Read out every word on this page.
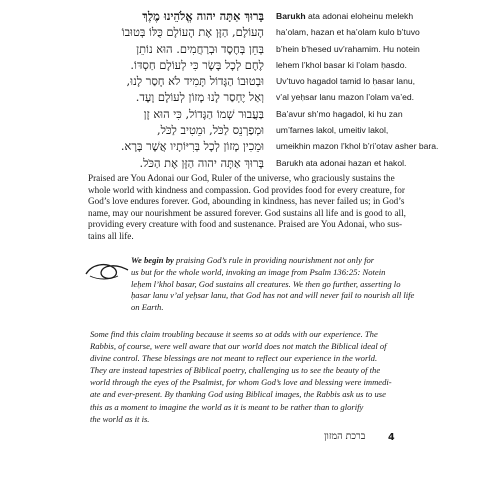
בָּרוּךְ אַתָּה יהוה אֱלֹהֵינוּ מֶלֶךְ
הָעוֹלָם, הַזָּן אֶת הָעוֹלָם כֻּלּוֹ בְּטוּבוֹ
בְּחֵן בְּחֶסֶד וּבְרַחֲמִים. הוּא נוֹתֵן
לֶחֶם לְכָל בָּשָׂר כִּי לְעוֹלָם חַסְדּוֹ.
וּבְטוּבוֹ הַגָּדוֹל תָּמִיד לֹא חָסַר לָנוּ,
וְאַל יֶחְסַר לָנוּ מָזוֹן לְעוֹלָם וָעֶד.
בַּעֲבוּר שְׁמוֹ הַגָּדוֹל, כִּי הוּא זָן
וּמְפַרְנֵס לַכֹּל, וּמֵטִיב לַכֹּל,
וּמֵכִין מָזוֹן לְכָל בְּרִיּוֹתָיו אֲשֶׁר בָּרָא.
בָּרוּךְ אַתָּה יהוה הַזָּן אֶת הַכֹּל.
Barukh ata adonai eloheinu melekh
ha’olam, hazan et ha’olam kulo b’tuvo
b’hein b’hesed uv’rahamim. Hu notein
lehem l’khol basar ki l’olam ḥasdo.
Uv’tuvo hagadol tamid lo ḥasar lanu,
v’al yeḥsar lanu mazon l’olam va’ed.
Ba’avur sh’mo hagadol, ki hu zan
um’farnes lakol, umeitiv lakol,
umeikhin mazon l’khol b’ri’otav asher bara.
Barukh ata adonai hazan et hakol.
Praised are You Adonai our God, Ruler of the universe, who graciously sustains the
whole world with kindness and compassion. God provides food for every creature, for
God’s love endures forever. God, abounding in kindness, has never failed us; in God’s
name, may our nourishment be assured forever. God sustains all life and is good to all,
providing every creature with food and sustenance. Praised are You Adonai, who sus-
tains all life.
We begin by praising God’s rule in providing nourishment not only for
us but for the whole world, invoking an image from Psalm 136:25: Notein
leḥem l’khol basar, God sustains all creatures. We then go further, asserting lo
ḥasar lanu v’al yeḥsar lanu, that God has not and will never fail to nourish all life
on Earth.
Some find this claim troubling because it seems so at odds with our experience. The
Rabbis, of course, were well aware that our world does not match the Biblical ideal of
divine control. These blessings are not meant to reflect our experience in the world.
They are instead tapestries of Biblical poetry, challenging us to see the beauty of the
world through the eyes of the Psalmist, for whom God’s love and blessing were immedi-
ate and ever-present. By thanking God using Biblical images, the Rabbis ask us to use
this as a moment to imagine the world as it is meant to be rather than to glorify
the world as it is.
ברכת המזון 4
